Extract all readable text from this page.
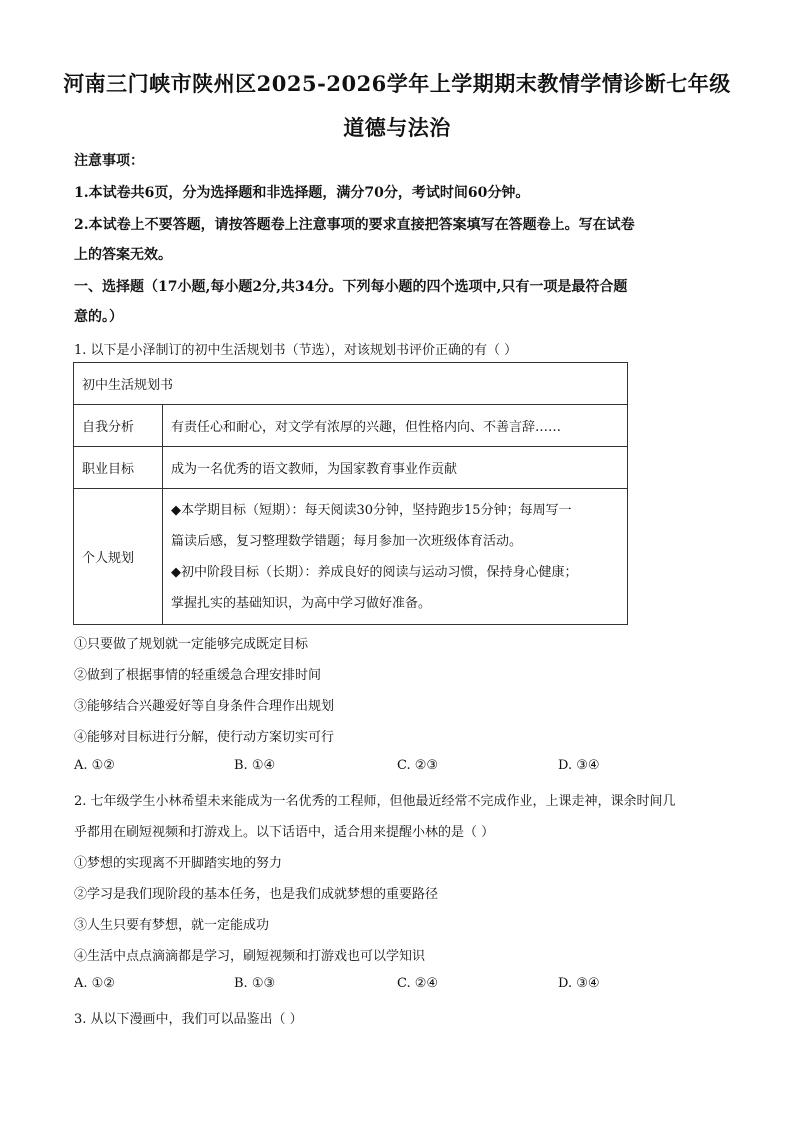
河南三门峡市陕州区2025-2026学年上学期期末教情学情诊断七年级
道德与法治
注意事项：
1.本试卷共6页，分为选择题和非选择题，满分70分，考试时间60分钟。
2.本试卷上不要答题，请按答题卷上注意事项的要求直接把答案填写在答题卷上。写在试卷
上的答案无效。
一、选择题（17小题,每小题2分,共34分。下列每小题的四个选项中,只有一项是最符合题
意的。）
1. 以下是小泽制订的初中生活规划书（节选），对该规划书评价正确的有（ ）
初中生活规划书	
自我分析	有责任心和耐心，对文学有浓厚的兴趣，但性格内向、不善言辞……
职业目标	成为一名优秀的语文教师，为国家教育事业作贡献
个人规划	◆本学期目标（短期）：每天阅读30分钟，坚持跑步15分钟；每周写一

篇读后感，复习整理数学错题；每月参加一次班级体育活动。

◆初中阶段目标（长期）：养成良好的阅读与运动习惯，保持身心健康；

掌握扎实的基础知识，为高中学习做好准备。

①只要做了规划就一定能够完成既定目标
②做到了根据事情的轻重缓急合理安排时间
③能够结合兴趣爱好等自身条件合理作出规划
④能够对目标进行分解，使行动方案切实可行
A. ①②	B. ①④	C. ②③	D. ③④
2. 七年级学生小林希望未来能成为一名优秀的工程师，但他最近经常不完成作业，上课走神，课余时间几
乎都用在刷短视频和打游戏上。以下话语中，适合用来提醒小林的是（ ）
①梦想的实现离不开脚踏实地的努力
②学习是我们现阶段的基本任务，也是我们成就梦想的重要路径
③人生只要有梦想，就一定能成功
④生活中点点滴滴都是学习，刷短视频和打游戏也可以学知识
A. ①②	B. ①③	C. ②④	D. ③④
3. 从以下漫画中，我们可以品鉴出（ ）
